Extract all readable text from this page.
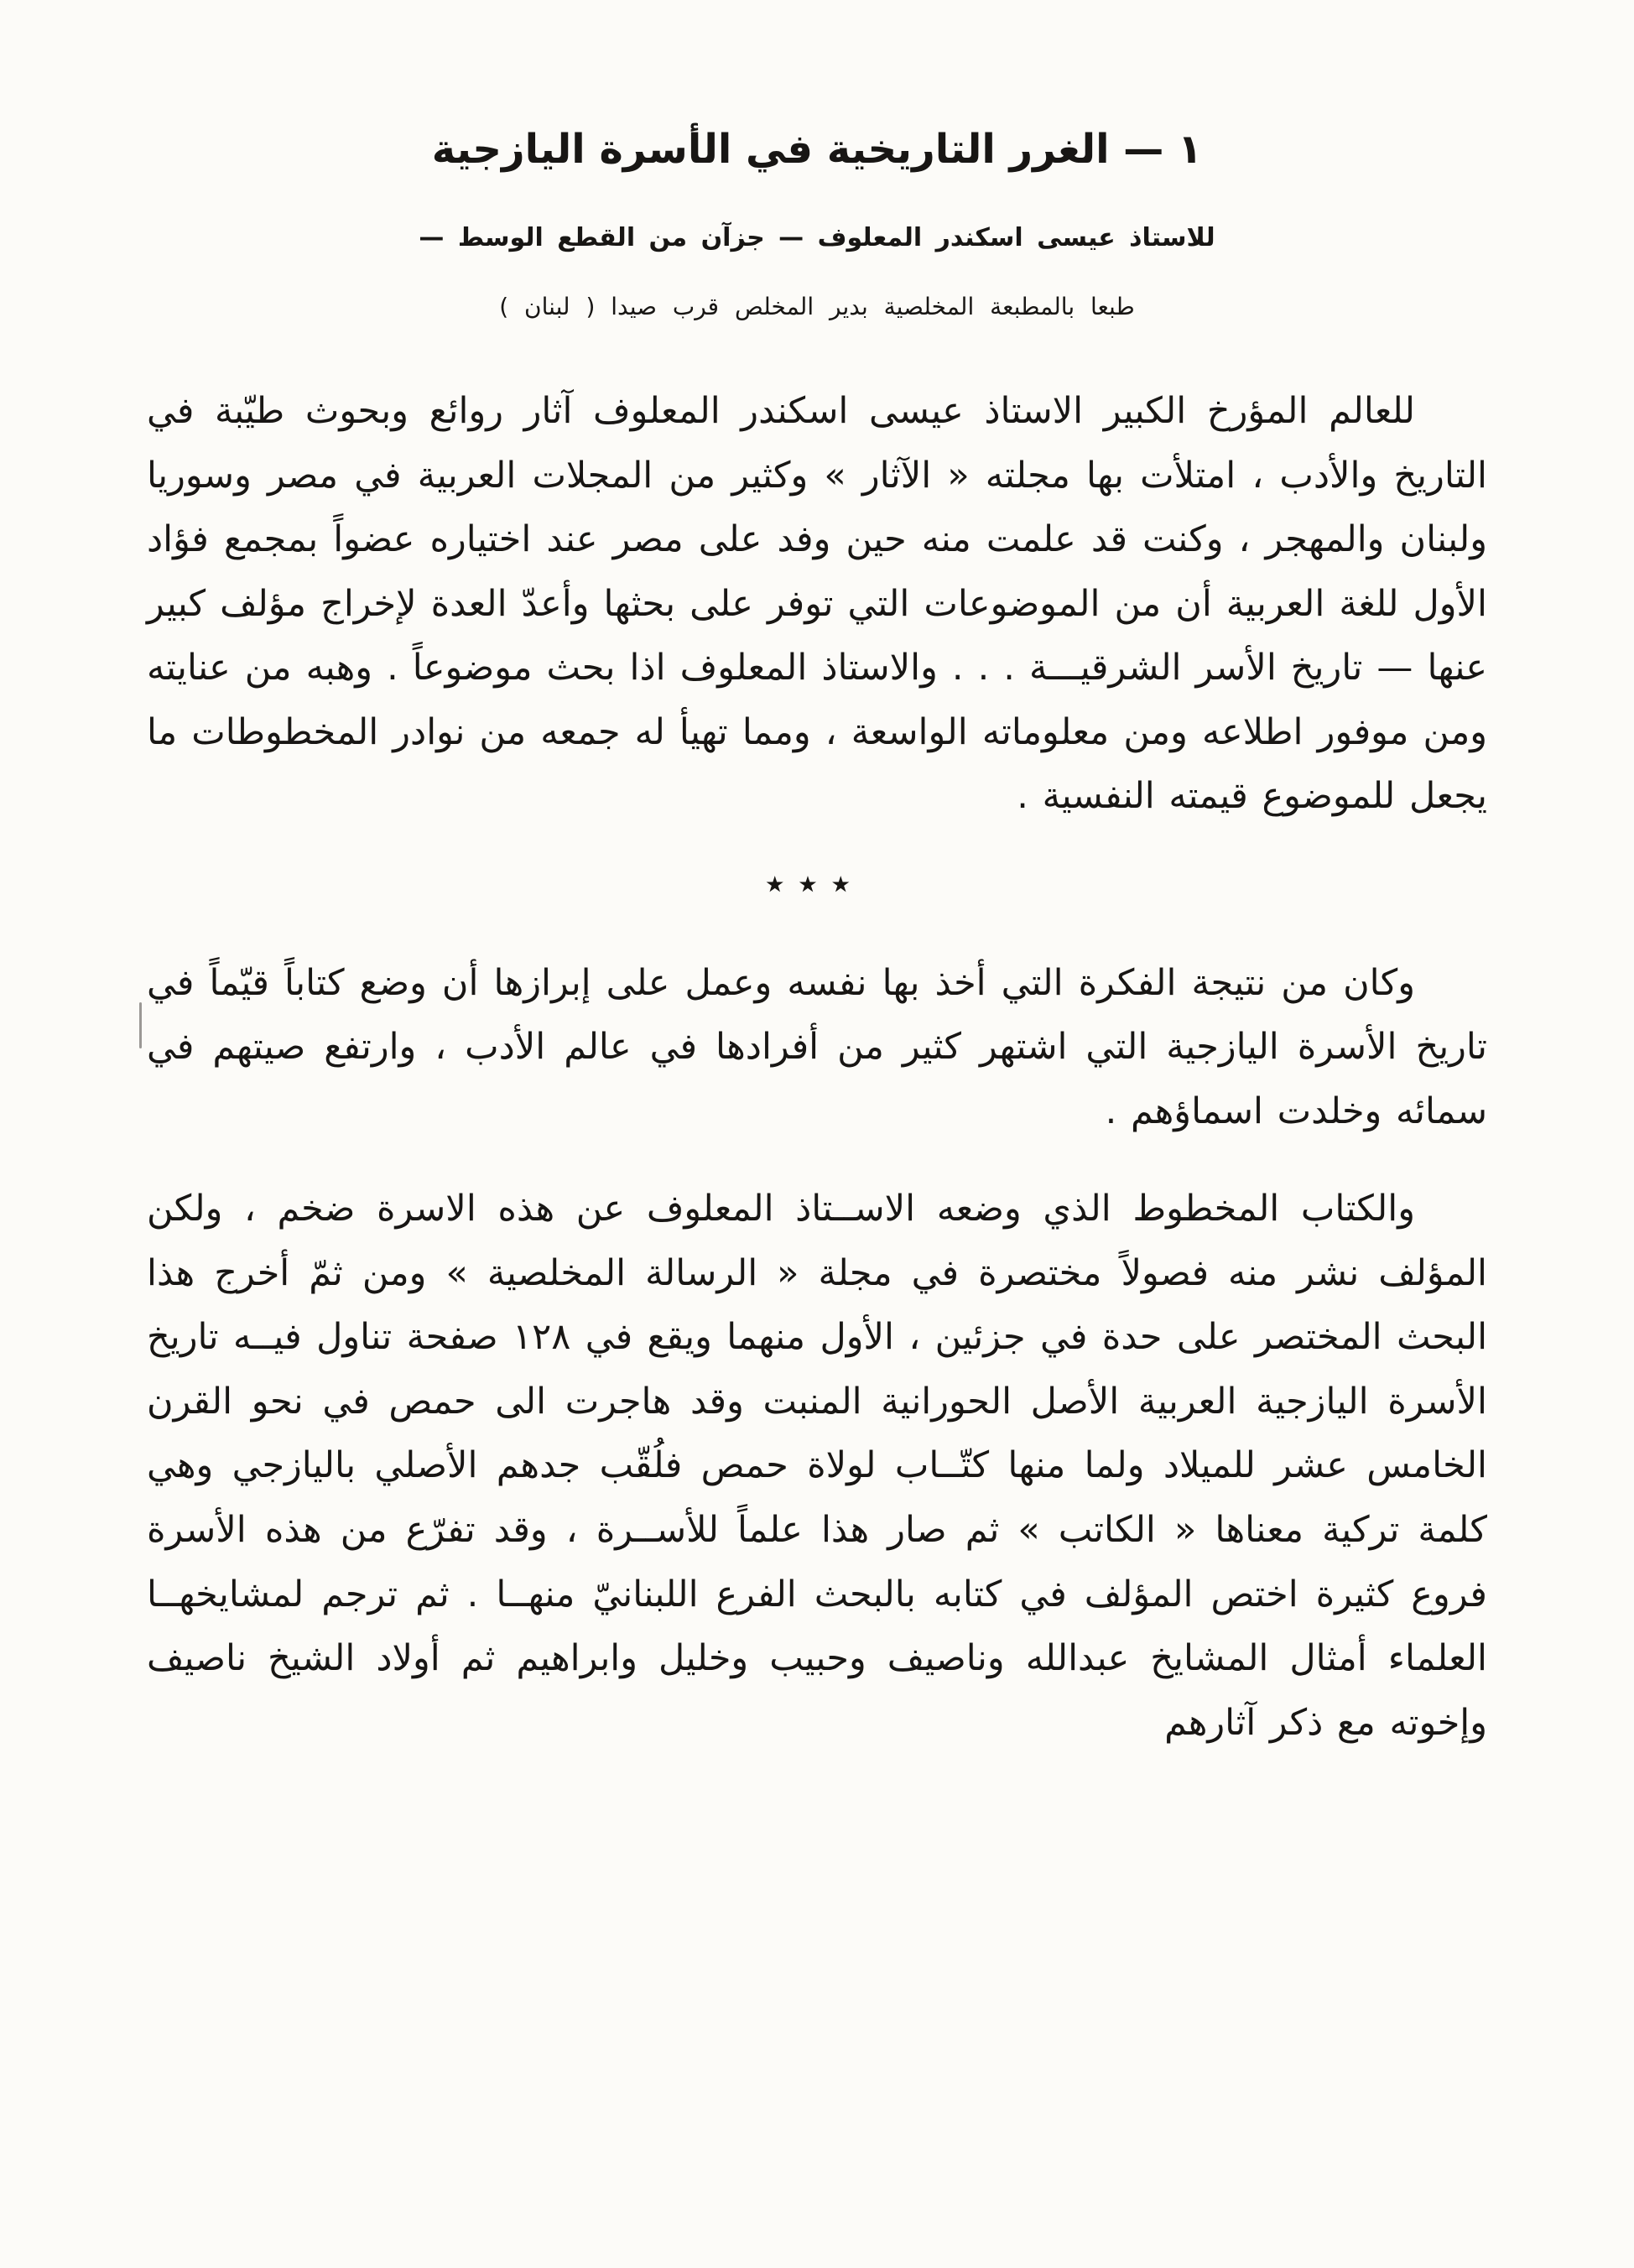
١ — الغرر التاريخية في الأسرة اليازجية
للاستاذ عيسى اسكندر المعلوف — جزآن من القطع الوسط —
طبعا بالمطبعة المخلصية بدير المخلص قرب صيدا ( لبنان )

للعالم المؤرخ الكبير الاستاذ عيسى اسكندر المعلوف آثار روائع وبحوث طيّبة في التاريخ والأدب ، امتلأت بها مجلته « الآثار » وكثير من المجلات العربية في مصر وسوريا ولبنان والمهجر ، وكنت قد علمت منه حين وفد على مصر عند اختياره عضواً بمجمع فؤاد الأول للغة العربية أن من الموضوعات التي توفر على بحثها وأعدّ العدة لإخراج مؤلف كبير عنها — تاريخ الأسر الشرقيـــة . . . والاستاذ المعلوف اذا بحث موضوعاً . وهبه من عنايته ومن موفور اطلاعه ومن معلوماته الواسعة ، ومما تهيأ له جمعه من نوادر المخطوطات ما يجعل للموضوع قيمته النفسية .

٭ ٭ ٭

وكان من نتيجة الفكرة التي أخذ بها نفسه وعمل على إبرازها أن وضع كتاباً قيّماً في تاريخ الأسرة اليازجية التي اشتهر كثير من أفرادها في عالم الأدب ، وارتفع صيتهم في سمائه وخلدت اسماؤهم .

والكتاب المخطوط الذي وضعه الاســتاذ المعلوف عن هذه الاسرة ضخم ، ولكن المؤلف نشر منه فصولاً مختصرة في مجلة « الرسالة المخلصية » ومن ثمّ أخرج هذا البحث المختصر على حدة في جزئين ، الأول منهما ويقع في ١٢٨ صفحة تناول فيــه تاريخ الأسرة اليازجية العربية الأصل الحورانية المنبت وقد هاجرت الى حمص في نحو القرن الخامس عشر للميلاد ولما منها كتّــاب لولاة حمص فلُقّب جدهم الأصلي باليازجي وهي كلمة تركية معناها « الكاتب » ثم صار هذا علماً للأســرة ، وقد تفرّع من هذه الأسرة فروع كثيرة اختص المؤلف في كتابه بالبحث الفرع اللبنانيّ منهــا . ثم ترجم لمشايخهــا العلماء أمثال المشايخ عبدالله وناصيف وحبيب وخليل وابراهيم ثم أولاد الشيخ ناصيف وإخوته مع ذكر آثارهم
